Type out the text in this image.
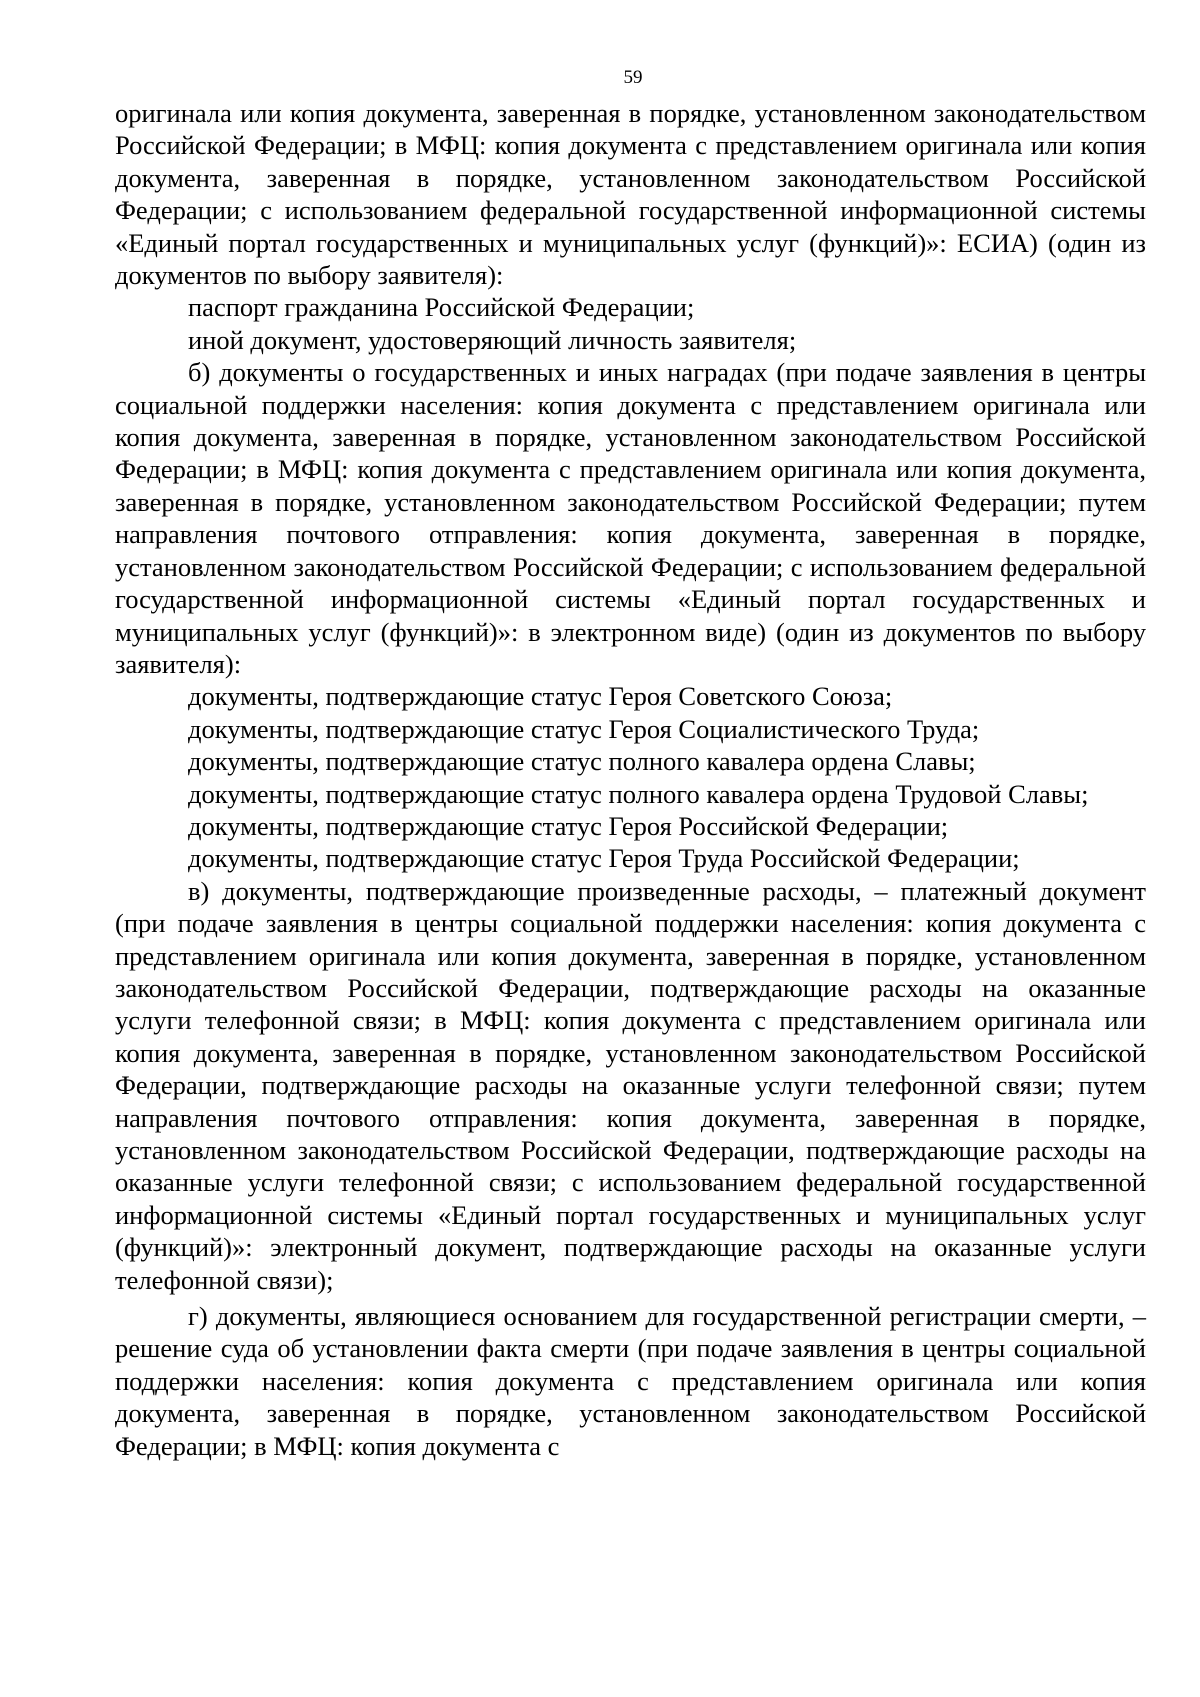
59

оригинала или копия документа, заверенная в порядке, установленном законодательством Российской Федерации; в МФЦ: копия документа с представлением оригинала или копия документа, заверенная в порядке, установленном законодательством Российской Федерации; с использованием федеральной государственной информационной системы «Единый портал государственных и муниципальных услуг (функций)»: ЕСИА) (один из документов по выбору заявителя):

паспорт гражданина Российской Федерации;

иной документ, удостоверяющий личность заявителя;

б) документы о государственных и иных наградах (при подаче заявления в центры социальной поддержки населения: копия документа с представлением оригинала или копия документа, заверенная в порядке, установленном законодательством Российской Федерации; в МФЦ: копия документа с представлением оригинала или копия документа, заверенная в порядке, установленном законодательством Российской Федерации; путем направления почтового отправления: копия документа, заверенная в порядке, установленном законодательством Российской Федерации; с использованием федеральной государственной информационной системы «Единый портал государственных и муниципальных услуг (функций)»: в электронном виде) (один из документов по выбору заявителя):

документы, подтверждающие статус Героя Советского Союза;

документы, подтверждающие статус Героя Социалистического Труда;

документы, подтверждающие статус полного кавалера ордена Славы;

документы, подтверждающие статус полного кавалера ордена Трудовой Славы;

документы, подтверждающие статус Героя Российской Федерации;

документы, подтверждающие статус Героя Труда Российской Федерации;

в) документы, подтверждающие произведенные расходы, – платежный документ (при подаче заявления в центры социальной поддержки населения: копия документа с представлением оригинала или копия документа, заверенная в порядке, установленном законодательством Российской Федерации, подтверждающие расходы на оказанные услуги телефонной связи; в МФЦ: копия документа с представлением оригинала или копия документа, заверенная в порядке, установленном законодательством Российской Федерации, подтверждающие расходы на оказанные услуги телефонной связи; путем направления почтового отправления: копия документа, заверенная в порядке, установленном законодательством Российской Федерации, подтверждающие расходы на оказанные услуги телефонной связи; с использованием федеральной государственной информационной системы «Единый портал государственных и муниципальных услуг (функций)»: электронный документ, подтверждающие расходы на оказанные услуги телефонной связи);

г) документы, являющиеся основанием для государственной регистрации смерти, – решение суда об установлении факта смерти (при подаче заявления в центры социальной поддержки населения: копия документа с представлением оригинала или копия документа, заверенная в порядке, установленном законодательством Российской Федерации; в МФЦ: копия документа с
